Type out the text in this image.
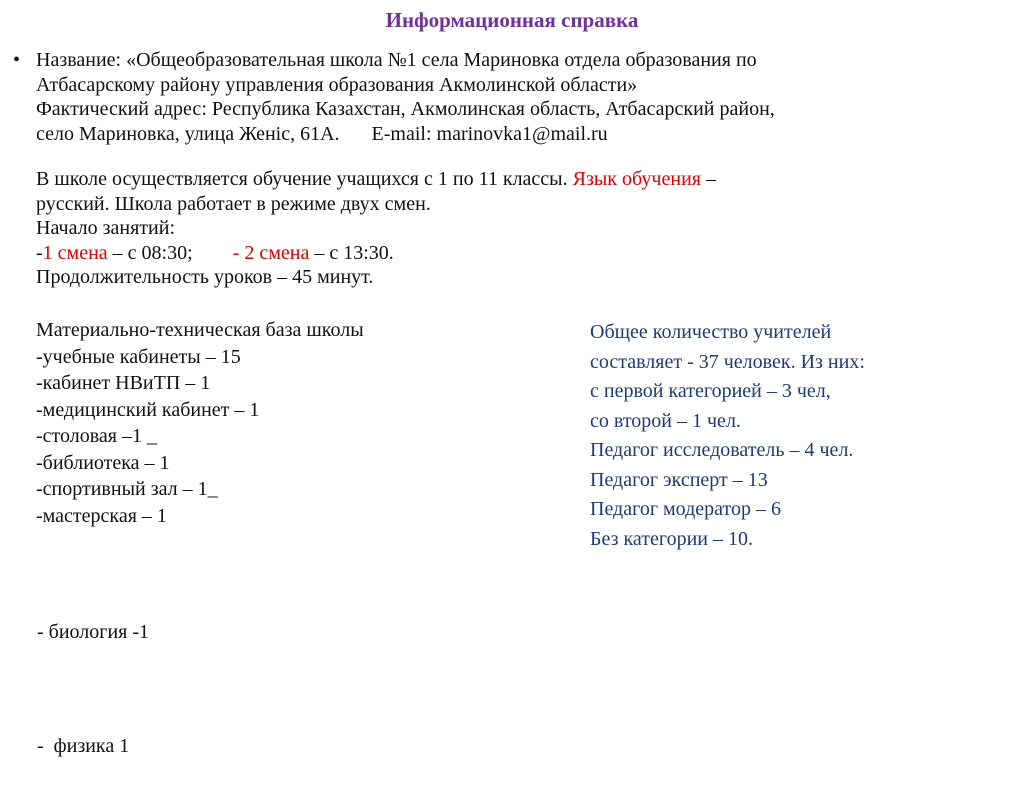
Информационная справка
• Название: «Общеобразовательная школа №1 села Мариновка отдела образования по
Атбасарскому району управления образования Акмолинской области»
Фактический адрес: Республика Казахстан, Акмолинская область, Атбасарский район,
село Мариновка, улица Женіс, 61А. E-mail: marinovka1@mail.ru
В школе осуществляется обучение учащихся с 1 по 11 классы. Язык обучения –
русский. Школа работает в режиме двух смен.
Начало занятий:
-1 смена – с 08:30; - 2 смена – с 13:30.
Продолжительность уроков – 45 минут.
Материально-техническая база школы
-учебные кабинеты – 15
-кабинет НВиТП – 1
-медицинский кабинет – 1
-столовая –1 _
-библиотека – 1
-спортивный зал – 1_
-мастерская – 1

- биология -1

-  физика 1

Общее количество учителей
составляет - 37 человек. Из них:
с первой категорией – 3 чел,
со второй – 1 чел.
Педагог исследователь – 4 чел.
Педагог эксперт – 13
Педагог модератор – 6
Без категории – 10.
